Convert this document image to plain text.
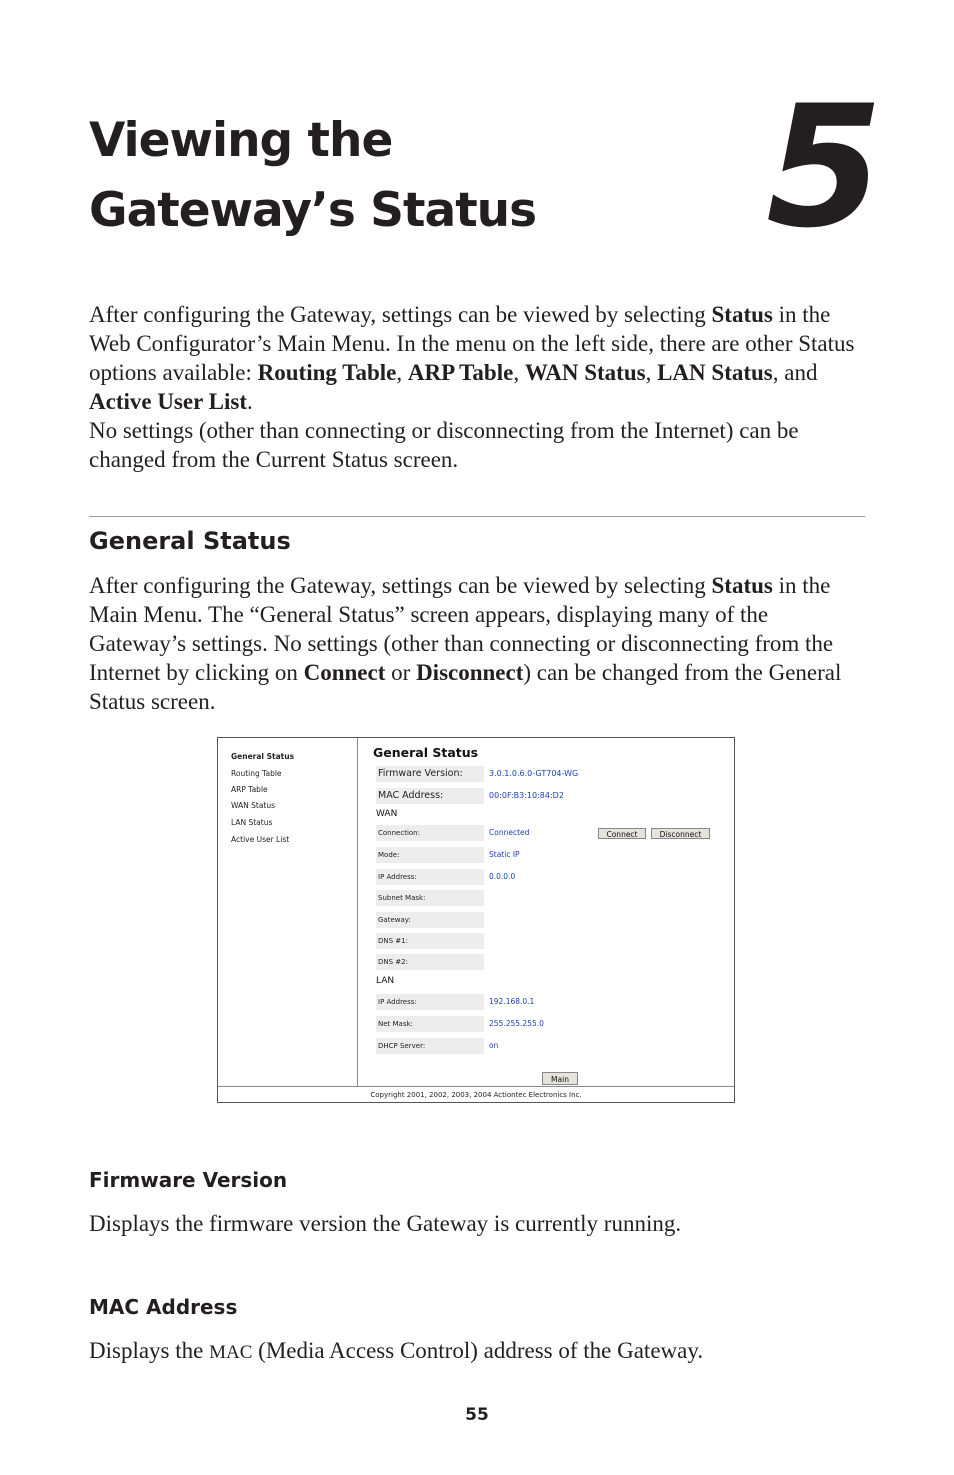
Viewing the
Gateway’s Status 5

After configuring the Gateway, settings can be viewed by selecting Status in the Web Configurator’s Main Menu. In the menu on the left side, there are other Status options available: Routing Table, ARP Table, WAN Status, LAN Status, and Active User List.
No settings (other than connecting or disconnecting from the Internet) can be changed from the Current Status screen.

General Status

After configuring the Gateway, settings can be viewed by selecting Status in the Main Menu. The “General Status” screen appears, displaying many of the Gateway’s settings. No settings (other than connecting or disconnecting from the Internet by clicking on Connect or Disconnect) can be changed from the General Status screen.

General Status
Routing Table
ARP Table
WAN Status
LAN Status
Active User List
General Status
Firmware Version:	3.0.1.0.6.0-GT704-WG
MAC Address:	00:0F:B3:10:84:D2
WAN
Connection:	Connected	Connect	Disconnect
Mode:	Static IP
IP Address:	0.0.0.0
Subnet Mask:
Gateway:
DNS #1:
DNS #2:
LAN
IP Address:	192.168.0.1
Net Mask:	255.255.255.0
DHCP Server:	on
Main
Copyright 2001, 2002, 2003, 2004 Actiontec Electronics Inc.
Firmware Version

Displays the firmware version the Gateway is currently running.

MAC Address

Displays the MAC (Media Access Control) address of the Gateway.

55
